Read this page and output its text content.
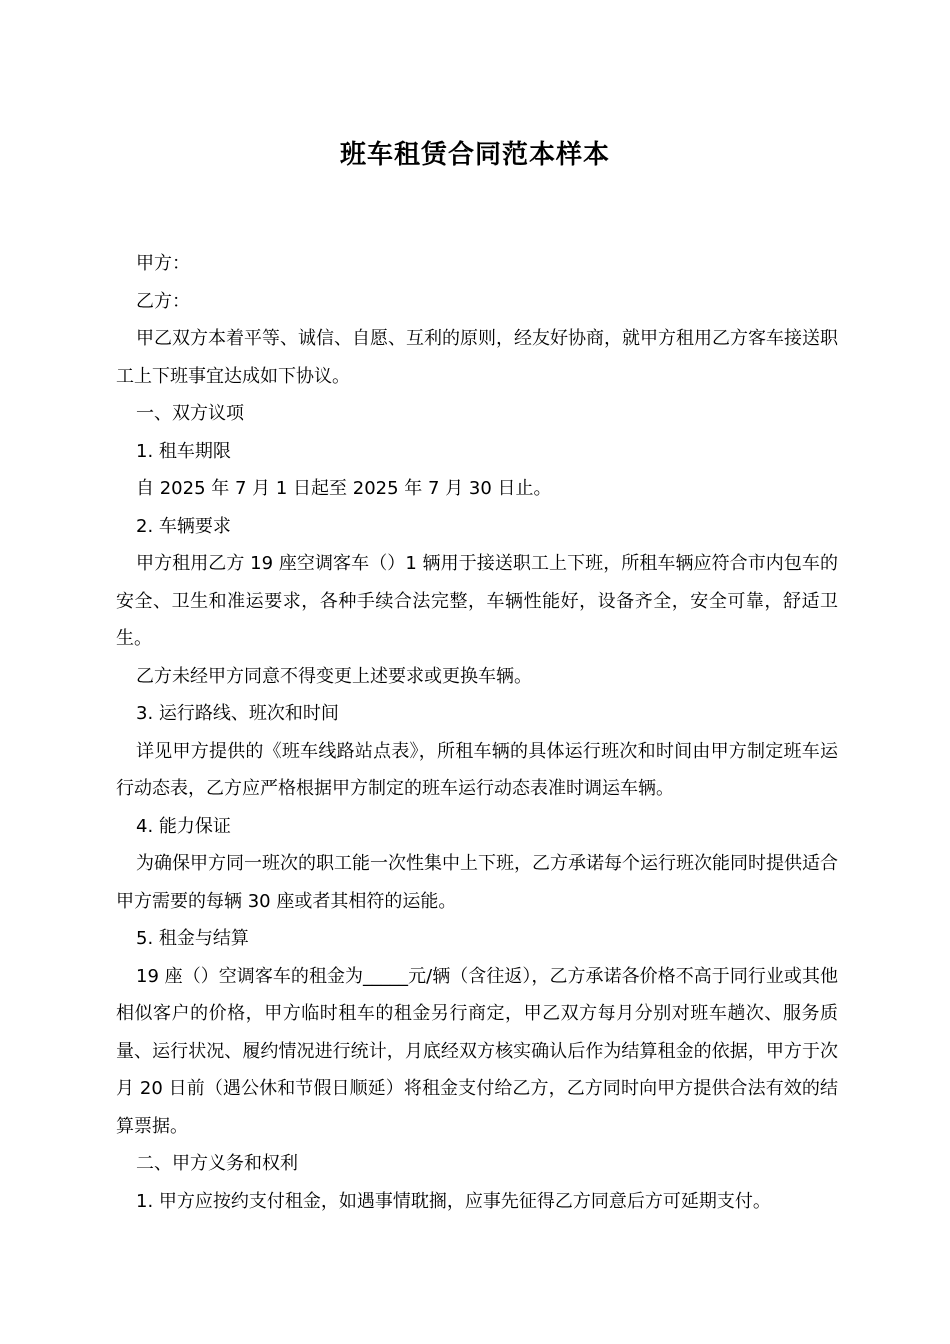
班车租赁合同范本样本

甲方：

乙方：

甲乙双方本着平等、诚信、自愿、互利的原则，经友好协商，就甲方租用乙方客车接送职工上下班事宜达成如下协议。

一、双方议项

1. 租车期限

自 2025 年 7 月 1 日起至 2025 年 7 月 30 日止。

2. 车辆要求

甲方租用乙方 19 座空调客车（）1 辆用于接送职工上下班，所租车辆应符合市内包车的安全、卫生和准运要求，各种手续合法完整，车辆性能好，设备齐全，安全可靠，舒适卫生。

乙方未经甲方同意不得变更上述要求或更换车辆。

3. 运行路线、班次和时间

详见甲方提供的《班车线路站点表》，所租车辆的具体运行班次和时间由甲方制定班车运行动态表，乙方应严格根据甲方制定的班车运行动态表准时调运车辆。

4. 能力保证

为确保甲方同一班次的职工能一次性集中上下班，乙方承诺每个运行班次能同时提供适合甲方需要的每辆 30 座或者其相符的运能。

5. 租金与结算

19 座（）空调客车的租金为_____元/辆（含往返），乙方承诺各价格不高于同行业或其他相似客户的价格，甲方临时租车的租金另行商定，甲乙双方每月分别对班车趟次、服务质量、运行状况、履约情况进行统计，月底经双方核实确认后作为结算租金的依据，甲方于次月 20 日前（遇公休和节假日顺延）将租金支付给乙方，乙方同时向甲方提供合法有效的结算票据。

二、甲方义务和权利

1. 甲方应按约支付租金，如遇事情耽搁，应事先征得乙方同意后方可延期支付。
